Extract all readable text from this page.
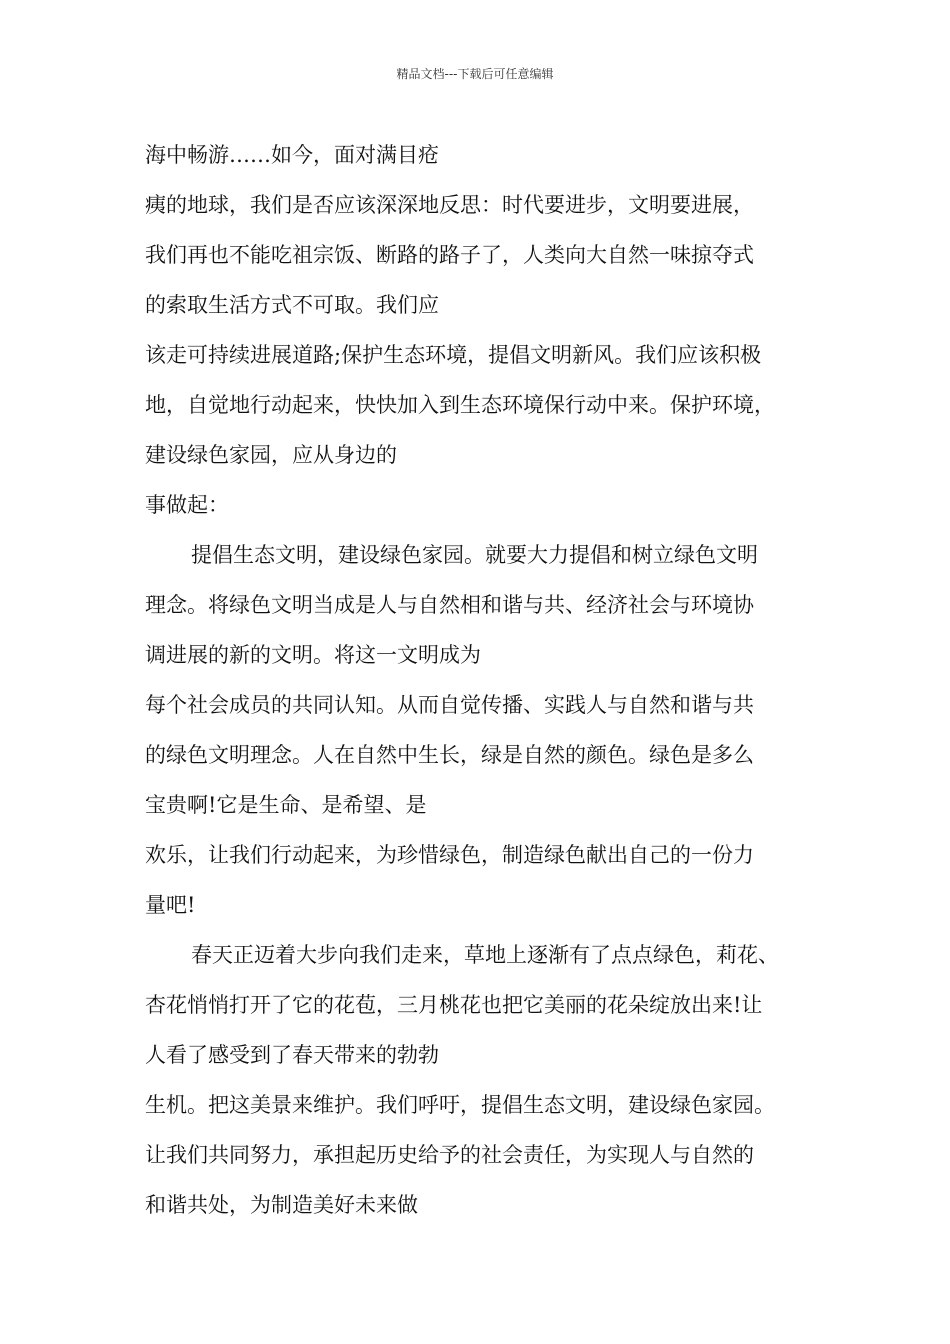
精品文档---下载后可任意编辑
海中畅游……如今，面对满目疮
痍的地球，我们是否应该深深地反思：时代要进步，文明要进展，
我们再也不能吃祖宗饭、断路的路子了，人类向大自然一味掠夺式
的索取生活方式不可取。我们应
该走可持续进展道路;保护生态环境，提倡文明新风。我们应该积极
地，自觉地行动起来，快快加入到生态环境保行动中来。保护环境，
建设绿色家园，应从身边的
事做起：
提倡生态文明，建设绿色家园。就要大力提倡和树立绿色文明
理念。将绿色文明当成是人与自然相和谐与共、经济社会与环境协
调进展的新的文明。将这一文明成为
每个社会成员的共同认知。从而自觉传播、实践人与自然和谐与共
的绿色文明理念。人在自然中生长，绿是自然的颜色。绿色是多么
宝贵啊!它是生命、是希望、是
欢乐，让我们行动起来，为珍惜绿色，制造绿色献出自己的一份力
量吧!
春天正迈着大步向我们走来，草地上逐渐有了点点绿色，莉花、
杏花悄悄打开了它的花苞，三月桃花也把它美丽的花朵绽放出来!让
人看了感受到了春天带来的勃勃
生机。把这美景来维护。我们呼吁，提倡生态文明，建设绿色家园。
让我们共同努力，承担起历史给予的社会责任，为实现人与自然的
和谐共处，为制造美好未来做
